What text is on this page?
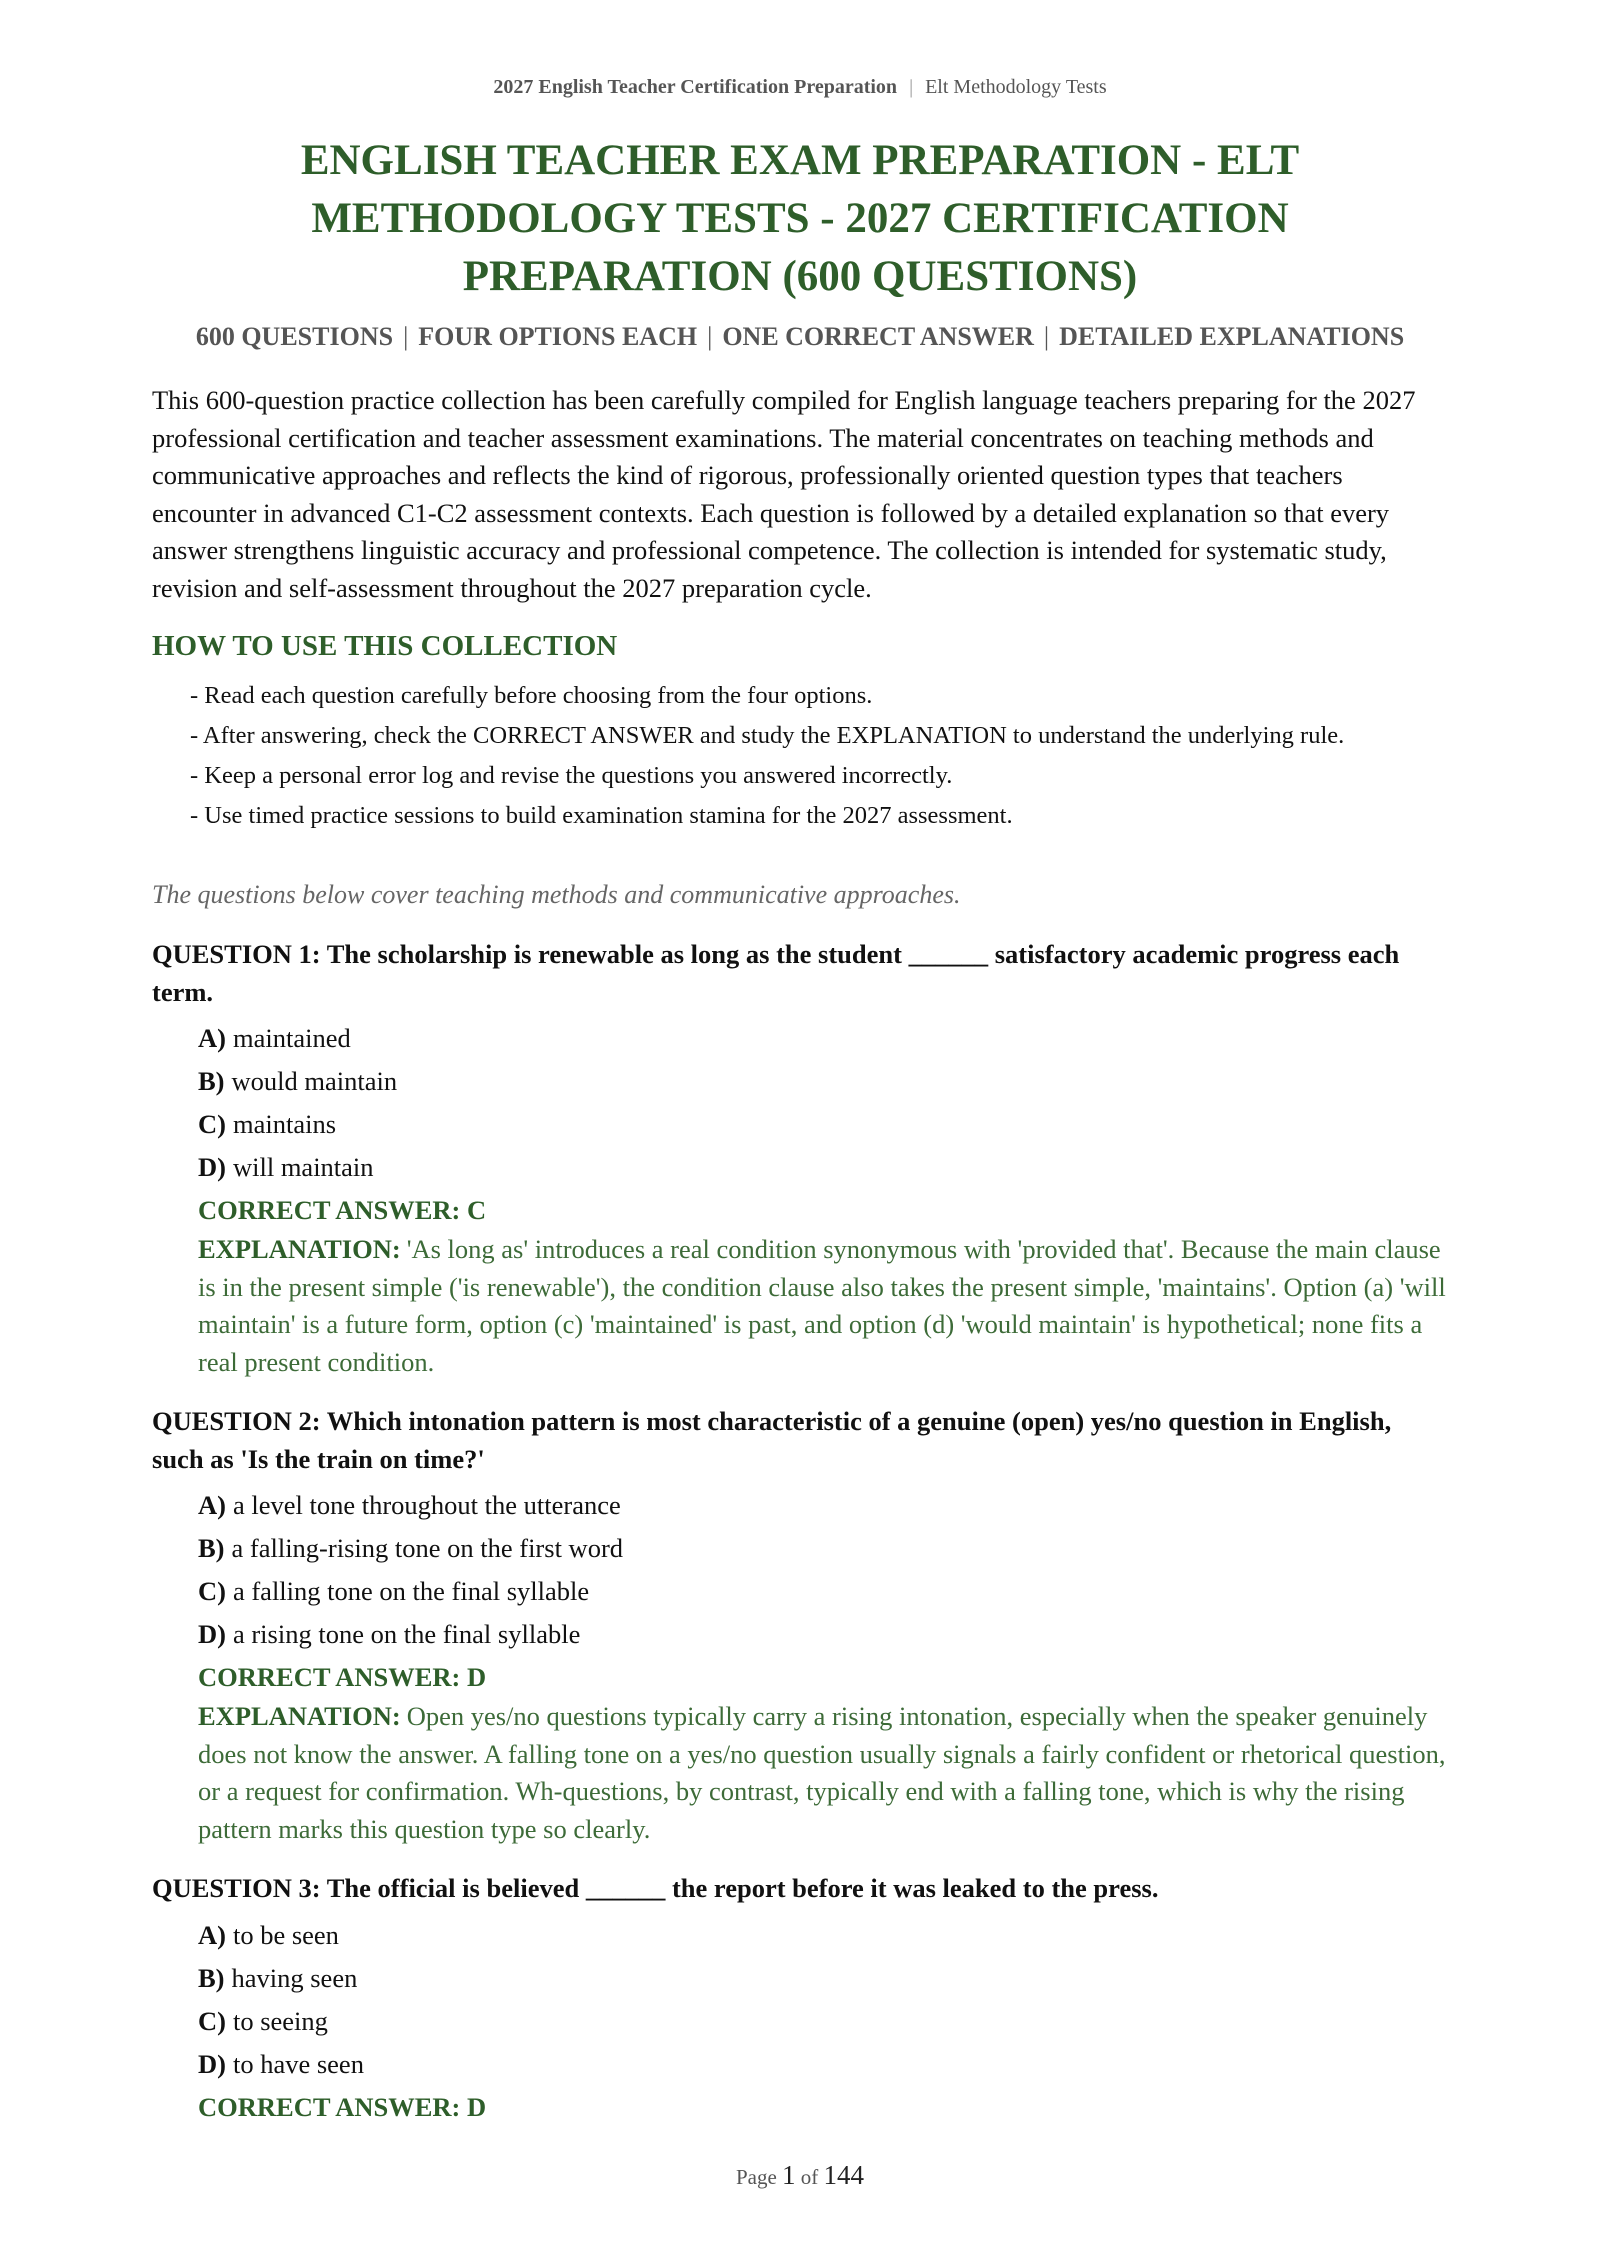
2027 English Teacher Certification Preparation | Elt Methodology Tests
ENGLISH TEACHER EXAM PREPARATION - ELT METHODOLOGY TESTS - 2027 CERTIFICATION PREPARATION (600 QUESTIONS)
600 QUESTIONS | FOUR OPTIONS EACH | ONE CORRECT ANSWER | DETAILED EXPLANATIONS

This 600-question practice collection has been carefully compiled for English language teachers preparing for the 2027 professional certification and teacher assessment examinations. The material concentrates on teaching methods and communicative approaches and reflects the kind of rigorous, professionally oriented question types that teachers encounter in advanced C1-C2 assessment contexts. Each question is followed by a detailed explanation so that every answer strengthens linguistic accuracy and professional competence. The collection is intended for systematic study, revision and self-assessment throughout the 2027 preparation cycle.

HOW TO USE THIS COLLECTION
- Read each question carefully before choosing from the four options.
- After answering, check the CORRECT ANSWER and study the EXPLANATION to understand the underlying rule.
- Keep a personal error log and revise the questions you answered incorrectly.
- Use timed practice sessions to build examination stamina for the 2027 assessment.
The questions below cover teaching methods and communicative approaches.

QUESTION 1: The scholarship is renewable as long as the student ______ satisfactory academic progress each term.

A) maintained
B) would maintain
C) maintains
D) will maintain

CORRECT ANSWER: C

EXPLANATION: 'As long as' introduces a real condition synonymous with 'provided that'. Because the main clause is in the present simple ('is renewable'), the condition clause also takes the present simple, 'maintains'. Option (a) 'will maintain' is a future form, option (c) 'maintained' is past, and option (d) 'would maintain' is hypothetical; none fits a real present condition.

QUESTION 2: Which intonation pattern is most characteristic of a genuine (open) yes/no question in English, such as 'Is the train on time?'

A) a level tone throughout the utterance
B) a falling-rising tone on the first word
C) a falling tone on the final syllable
D) a rising tone on the final syllable

CORRECT ANSWER: D

EXPLANATION: Open yes/no questions typically carry a rising intonation, especially when the speaker genuinely does not know the answer. A falling tone on a yes/no question usually signals a fairly confident or rhetorical question, or a request for confirmation. Wh-questions, by contrast, typically end with a falling tone, which is why the rising pattern marks this question type so clearly.

QUESTION 3: The official is believed ______ the report before it was leaked to the press.

A) to be seen
B) having seen
C) to seeing
D) to have seen

CORRECT ANSWER: D

Page 1 of 144
